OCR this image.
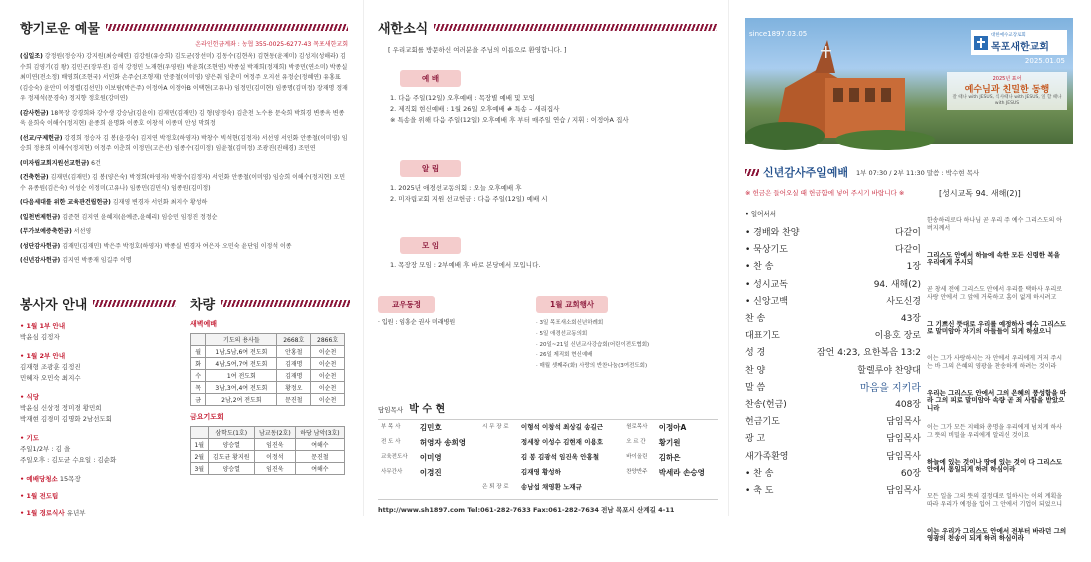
향기로운 예물
온라인헌금계좌 : 농협 355-0025-6277-43 목포새한교회

(십일조) 강정원(정승자) 강지원(최승해련) 김강원(유승희) 김도균(장선미) 김동수(김현옥) 김현동(윤제미) 김성지(성해라) 김수희 김영기(김 왕) 김민곤(장부진) 김석 강정민 노재현(우영원) 박윤희(조현연) 박종설 박재희(정재희) 박중민(연소미) 박종실 최미연(전소정) 배영희(조현국) 서인화 손주순(조형재) 안중철(이미영) 양은취 임춘미 여정주 오지선 유정순(정혜연) 유홍표(김승숙) 윤안미 이정렬(김선민) 이보람(박은주) 이정아A 이정아B 이택현(고유나) 임정민(김미현) 임종명(김미정) 장재명 정재우 정제석(문경숙) 정지향 정호원(강미연)

(감사헌금) 18목장 강경희와 강수생 강승남(김윤이) 김재민(김재민) 김 형(양정숙) 김춘천 노수용 문숙희 박희경 변종옥 변종욱 윤희숙 이해수(정지현) 윤종희 윤명화 이종호 이창석 이종미 안성 막희정

(선교/구제헌금) 강경희 정승자 김 봉(윤경숙) 김지연 박정호(하영자) 박창수 빅석현(김정자) 서선영 서인화 안종철(이미영) 임승희 정용희 이해수(정지현) 이정주 이춘희 이정민(고은선) 임종수(김미정) 임윤철(김미정) 조광진(진해경) 조민연

(미자립교회지원선교헌금) 6건

(건축헌금) 김재민(김재민) 김 봉(양은숙) 박정희(하영자) 박창수(김정자) 서인화 안종철(이미영) 임승희 이해수(정지현) 오민수 유종원(김은숙) 이성순 이정미(고유나) 임종민(김민식) 임종원(김미정)

(다음세대를 위한 교육관건립헌금) 김재영 변경자 서인화 최지수 황성하

(일천번제헌금) 김준현 김지연 윤혜지(윤예준,윤혜리) 임승민 임정진 정정순

(무가보예증축헌금) 서선영

(성단감사헌금) 김재민(김재민) 박은주 박정호(하영자) 박종실 변경자 여은자 오민숙 윤단임 이정석 이종

(신년감사헌금) 김지연 박종재 임길주 이명

봉사자 안내
• 1월 1부 안내
박윤심 김정자
• 1월 2부 안내
김재형 조광훈 김정진
민혜자 오민숙 최지수
• 식당
박윤심 신상정 정미경 황민희
박재현 김경미 김명화 2남선도회
• 기도
주일1/2부 : 김 을
주일오후 : 김도균 수요일 : 김순화
• 예배당청소 15목장
• 1월 전도팀
• 1월 경로식사 유년부
차량
새벽예배
	기도의 용사들	2668호	2866호
월	1남,5남,6여 전도회	안홍철	이순천
화	4남,5여,7여 전도회	김재명	이순천
수	1여 전도회	김재명	이순천
목	3남,3여,4여 전도회	황정오	이순천
금	2남,2여 전도회	문진철	이순천
금요기도회
	삼학도(1호)	남교동(2호)	하당 남악(3호)
1월	양승열	임진욱	여해수
2월	김도균 황지원	이정석	문진철
3월	양승열	임진욱	여해수
새한소식
[ 우리교회를 방문하신 여러분을 주님의 이름으로 환영합니다. ]
예 배
1. 다음 주일(12일) 오후예배 : 목장별 예배 및 모임
2. 제직회 현신예배 : 1월 26일 오후예배 # 특송 – 새리집사
※ 특송을 위해 다음 주일(12일) 오후예배 후 부터 매주일 연습 / 지휘 : 이정아A 집사
알 림
1. 2025년 애경선교동의회 : 오늘 오후예배 후
2. 미자립교회 지원 선교헌금 : 다음 주일(12일) 예배 시
모 임
1. 목장장 모임 : 2부예배 후 바로 본당에서 모입니다.
교우동정
· 입원 : 임흥순 권사 미래병원
1월 교회행사
· 3일 목포새소회신년하례회
· 5일 애경선교동의회
· 20일~21일 신년교사강습회(어린이전도협회)
· 26일 제직회 현신예배
· 매월 셋째주(화) 사랑의 반찬나눔(3여전도회)
담임목사 박 수 현
부 목 사	김민호	시 무 장 로	이형석 이창석 최상길 송길근	원로목사	이정아A
전 도 사	허영자 송희영		정세창 이성수 김현재 이용호	오 르 간	황기원
교육전도사	이미영		김 봉 김광석 임진욱 안홍철	바이올린	김하은
사무간사	이경진		김재영 황성하	찬양반주	박세라 손승영
		은 퇴 장 로	송남섭 채영환 노재규		
http://www.sh1897.com Tel:061-282-7633 Fax:061-282-7634 전남 목포시 산계길 4-11
since1897.03.05	대한예수교장로회
목포새한교회
2025.01.05
2025년 표어
예수님과 친밀한 동행
잘 때나 with JESUS, 식사때나 with JESUS, 일 할 때나 with JESUS
신년감사주일예배 1부 07:30 / 2부 11:30 말씀 : 박수현 목사
※ 헌금은 들어오실 때 헌금함에 넣어 주시기 바랍니다 ※	[성시교독 94. 새해(2)]
• 일어서서
• 경배와 찬양	다같이
• 묵상기도	다같이
• 찬 송	1장
• 성시교독	94. 새해(2)
• 신앙고백	사도신경
찬 송	43장
대표기도	이용호 장로
성 경	잠언 4:23, 요한복음 13:2
찬 양	할렐루야 찬양대
말 씀	마음을 지키라
찬송(헌금)	408장
헌금기도	담임목사
광 고	담임목사
새가족환영	담임목사
• 찬 송	60장
• 축 도	담임목사
한송하리로다 하나님 곧 우리 주 예수 그리스도의 아버지께서
그리스도 안에서 하늘에 속한 모든 신령한 복을 우리에게 주시되
곧 창세 전에 그리스도 안에서 우리를 택하사 우리로 사랑 안에서 그 앞에 거룩하고 흠이 없게 하시려고
그 기쁘신 뜻대로 우리를 예정하사 예수 그리스도로 말미암아 자기의 아들들이 되게 하셨으니
이는 그가 사랑하시는 자 안에서 우리에게 거저 주시는 바 그의 은혜의 영광을 찬송하게 하려는 것이라
우리는 그리스도 안에서 그의 은혜의 풍성함을 따라 그의 피로 말미암아 속량 곧 죄 사함을 받았으니라
이는 그가 모든 지혜와 총명을 우리에게 넘치게 하사 그 뜻의 비밀을 우리에게 알리신 것이요
하늘에 있는 것이나 땅에 있는 것이 다 그리스도 안에서 통일되게 하려 하심이라
모든 일을 그의 뜻의 결정대로 일하시는 이의 계획을 따라 우리가 예정을 입어 그 안에서 기업이 되었으니
이는 우리가 그리스도 안에서 전부터 바라던 그의 영광의 찬송이 되게 하려 하심이라
